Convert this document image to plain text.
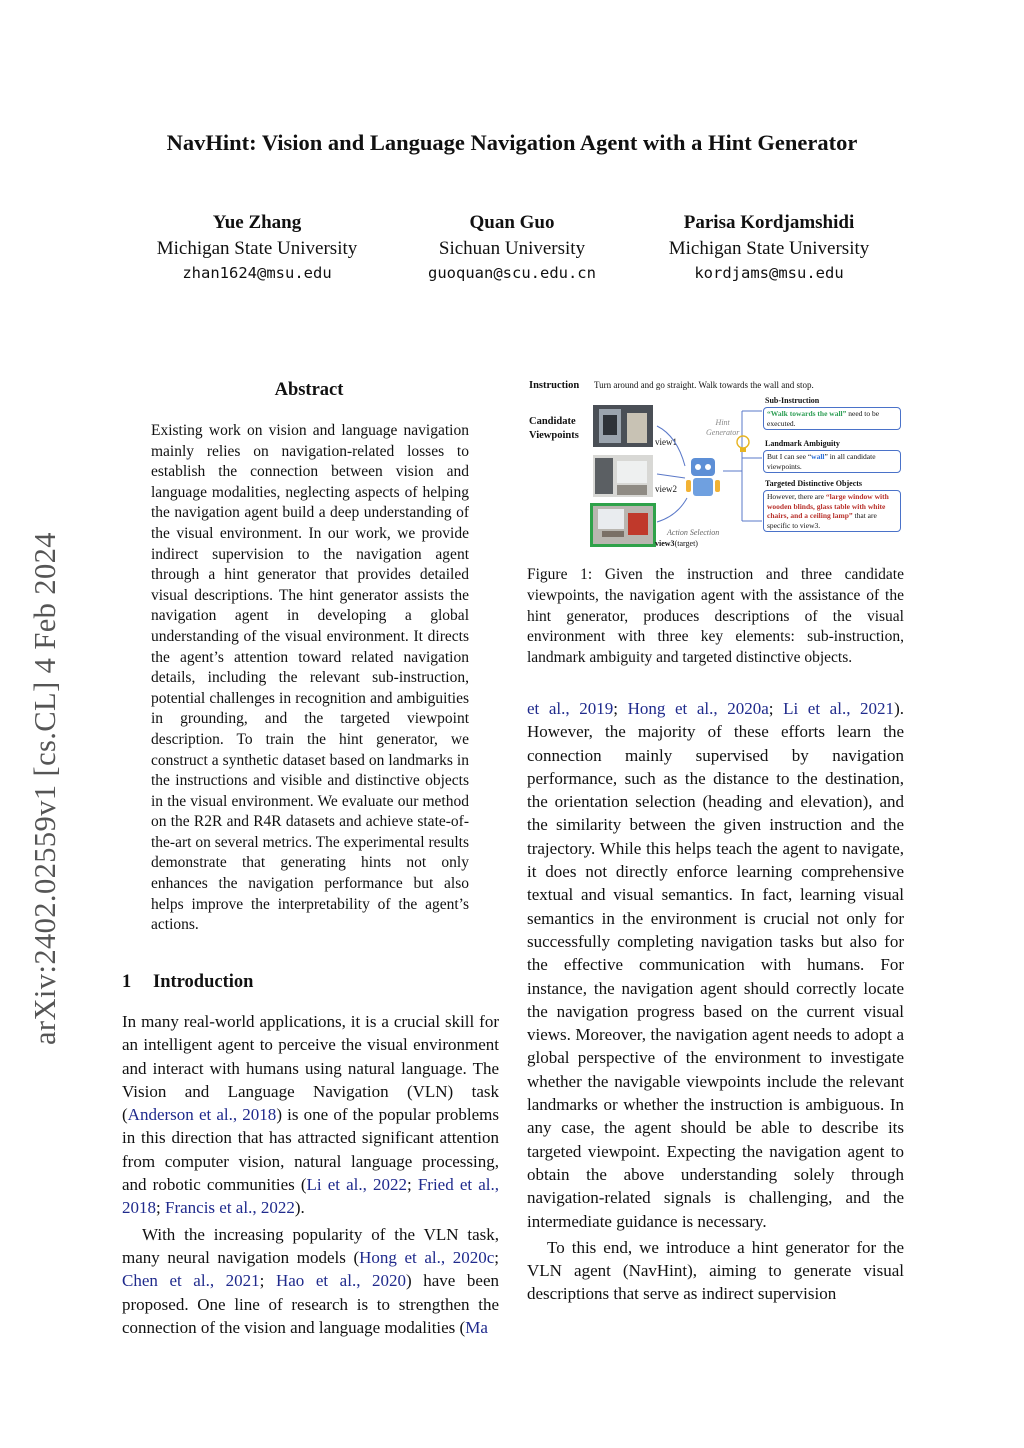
NavHint: Vision and Language Navigation Agent with a Hint Generator
Yue Zhang
Michigan State University
zhan1624@msu.edu
Quan Guo
Sichuan University
guoquan@scu.edu.cn
Parisa Kordjamshidi
Michigan State University
kordjams@msu.edu
arXiv:2402.02559v1 [cs.CL] 4 Feb 2024
Abstract
Existing work on vision and language navigation mainly relies on navigation-related losses to establish the connection between vision and language modalities, neglecting aspects of helping the navigation agent build a deep understanding of the visual environment. In our work, we provide indirect supervision to the navigation agent through a hint generator that provides detailed visual descriptions. The hint generator assists the navigation agent in developing a global understanding of the visual environment. It directs the agent’s attention toward related navigation details, including the relevant sub-instruction, potential challenges in recognition and ambiguities in grounding, and the targeted viewpoint description. To train the hint generator, we construct a synthetic dataset based on landmarks in the instructions and visible and distinctive objects in the visual environment. We evaluate our method on the R2R and R4R datasets and achieve state-of-the-art on several metrics. The experimental results demonstrate that generating hints not only enhances the navigation performance but also helps improve the interpretability of the agent’s actions.
1 Introduction

In many real-world applications, it is a crucial skill for an intelligent agent to perceive the visual environment and interact with humans using natural language. The Vision and Language Navigation (VLN) task (Anderson et al., 2018) is one of the popular problems in this direction that has attracted significant attention from computer vision, natural language processing, and robotic communities (Li et al., 2022; Fried et al., 2018; Francis et al., 2022).

With the increasing popularity of the VLN task, many neural navigation models (Hong et al., 2020c; Chen et al., 2021; Hao et al., 2020) have been proposed. One line of research is to strengthen the connection of the vision and language modalities (Ma

Instruction Turn around and go straight. Walk towards the wall and stop.
Candidate
Viewpoints
view1
view2
view3(target)
Hint
Generator
Action Selection
Sub-Instruction
“Walk towards the wall” need to be executed.
Landmark Ambiguity
But I can see “wall” in all candidate viewpoints.
Targeted Distinctive Objects
However, there are “large window with wooden blinds, glass table with white chairs, and a ceiling lamp” that are specific to view3.
Figure 1: Given the instruction and three candidate viewpoints, the navigation agent with the assistance of the hint generator, produces descriptions of the visual environment with three key elements: sub-instruction, landmark ambiguity and targeted distinctive objects.

et al., 2019; Hong et al., 2020a; Li et al., 2021). However, the majority of these efforts learn the connection mainly supervised by navigation performance, such as the distance to the destination, the orientation selection (heading and elevation), and the similarity between the given instruction and the trajectory. While this helps teach the agent to navigate, it does not directly enforce learning comprehensive textual and visual semantics. In fact, learning visual semantics in the environment is crucial not only for successfully completing navigation tasks but also for the effective communication with humans. For instance, the navigation agent should correctly locate the navigation progress based on the current visual views. Moreover, the navigation agent needs to adopt a global perspective of the environment to investigate whether the navigable viewpoints include the relevant landmarks or whether the instruction is ambiguous. In any case, the agent should be able to describe its targeted viewpoint. Expecting the navigation agent to obtain the above understanding solely through navigation-related signals is challenging, and the intermediate guidance is necessary.

To this end, we introduce a hint generator for the VLN agent (NavHint), aiming to generate visual descriptions that serve as indirect supervision
